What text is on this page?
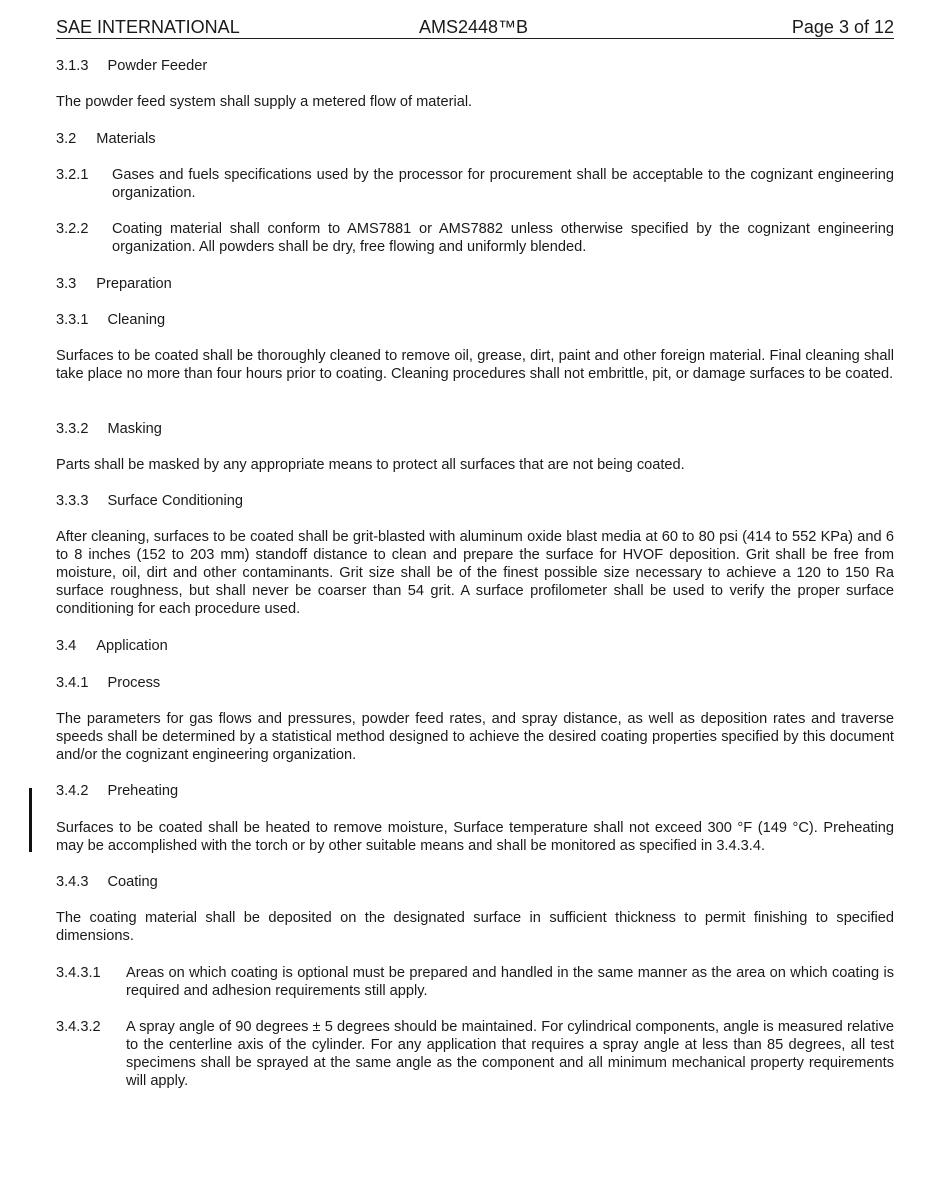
SAE INTERNATIONAL	AMS2448™B	Page 3 of 12
3.1.3 Powder Feeder
The powder feed system shall supply a metered flow of material.
3.2 Materials
3.2.1	Gases and fuels specifications used by the processor for procurement shall be acceptable to the cognizant engineering organization.
3.2.2	Coating material shall conform to AMS7881 or AMS7882 unless otherwise specified by the cognizant engineering organization. All powders shall be dry, free flowing and uniformly blended.
3.3 Preparation
3.3.1 Cleaning
Surfaces to be coated shall be thoroughly cleaned to remove oil, grease, dirt, paint and other foreign material. Final cleaning shall take place no more than four hours prior to coating. Cleaning procedures shall not embrittle, pit, or damage surfaces to be coated.
3.3.2 Masking
Parts shall be masked by any appropriate means to protect all surfaces that are not being coated.
3.3.3 Surface Conditioning
After cleaning, surfaces to be coated shall be grit-blasted with aluminum oxide blast media at 60 to 80 psi (414 to 552 KPa) and 6 to 8 inches (152 to 203 mm) standoff distance to clean and prepare the surface for HVOF deposition. Grit shall be free from moisture, oil, dirt and other contaminants. Grit size shall be of the finest possible size necessary to achieve a 120 to 150 Ra surface roughness, but shall never be coarser than 54 grit. A surface profilometer shall be used to verify the proper surface conditioning for each procedure used.
3.4 Application
3.4.1 Process
The parameters for gas flows and pressures, powder feed rates, and spray distance, as well as deposition rates and traverse speeds shall be determined by a statistical method designed to achieve the desired coating properties specified by this document and/or the cognizant engineering organization.
3.4.2 Preheating
Surfaces to be coated shall be heated to remove moisture, Surface temperature shall not exceed 300 °F (149 °C). Preheating may be accomplished with the torch or by other suitable means and shall be monitored as specified in 3.4.3.4.
3.4.3 Coating
The coating material shall be deposited on the designated surface in sufficient thickness to permit finishing to specified dimensions.
3.4.3.1	Areas on which coating is optional must be prepared and handled in the same manner as the area on which coating is required and adhesion requirements still apply.
3.4.3.2	A spray angle of 90 degrees ± 5 degrees should be maintained. For cylindrical components, angle is measured relative to the centerline axis of the cylinder. For any application that requires a spray angle at less than 85 degrees, all test specimens shall be sprayed at the same angle as the component and all minimum mechanical property requirements will apply.
